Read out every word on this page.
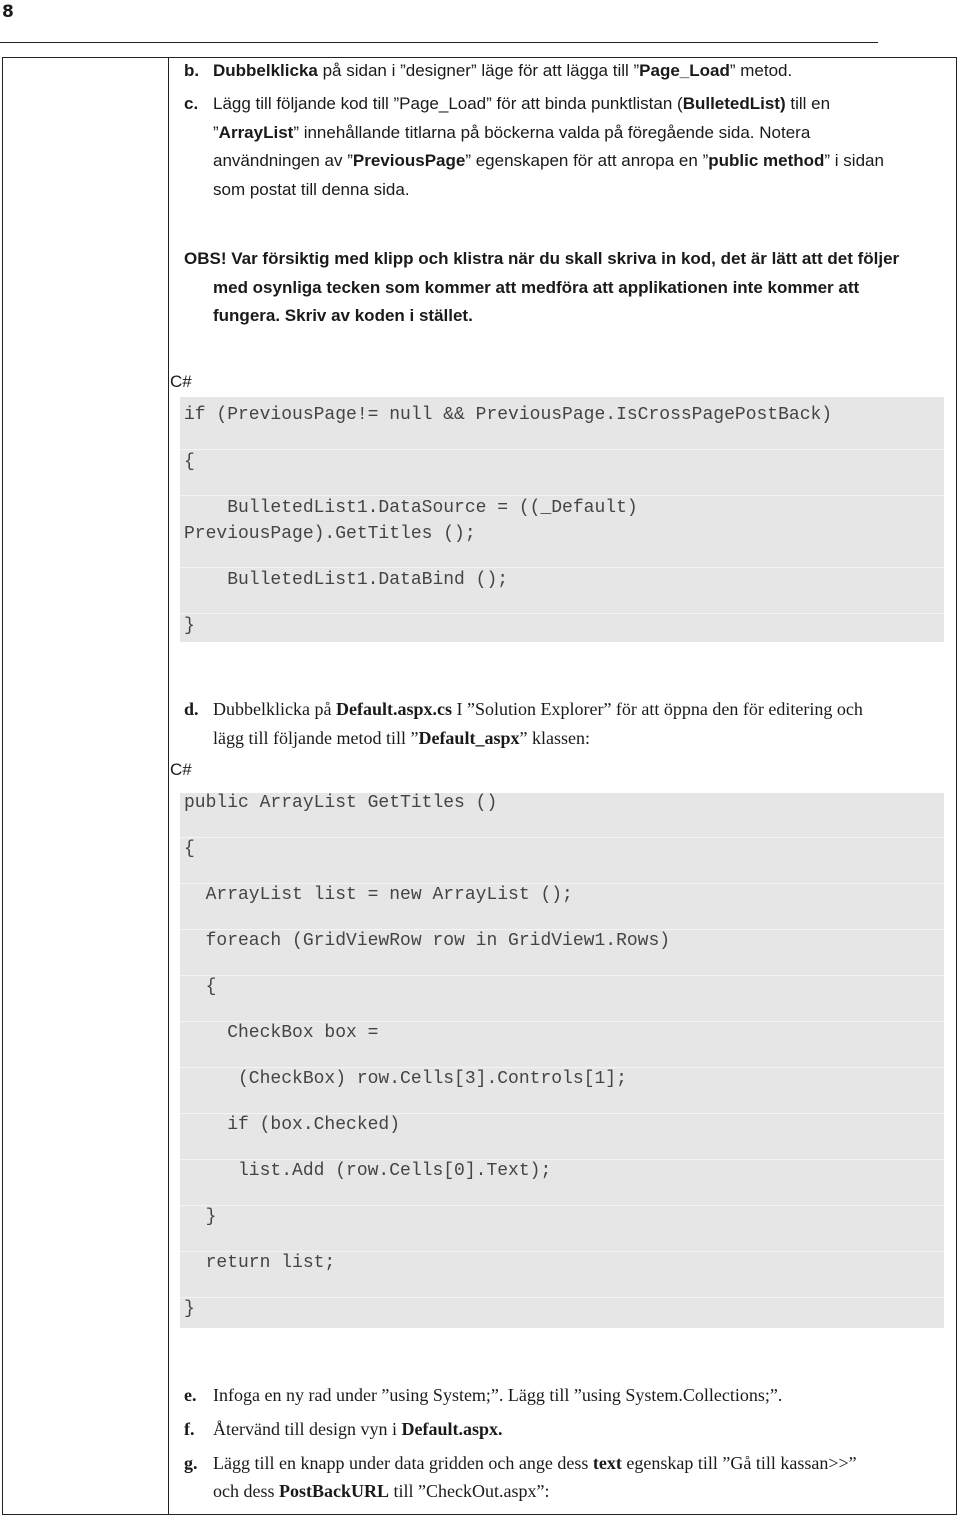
8
b. Dubbelklicka på sidan i ”designer” läge för att lägga till ”Page_Load” metod.
c. Lägg till följande kod till ”Page_Load” för att binda punktlistan (BulletedList) till en
”ArrayList” innehållande titlarna på böckerna valda på föregående sida. Notera
användningen av ”PreviousPage” egenskapen för att anropa en ”public method” i sidan
som postat till denna sida.
OBS! Var försiktig med klipp och klistra när du skall skriva in kod, det är lätt att det följer
med osynliga tecken som kommer att medföra att applikationen inte kommer att
fungera. Skriv av koden i stället.
C#
if (PreviousPage!= null && PreviousPage.IsCrossPagePostBack)
{
BulletedList1.DataSource = ((_Default)
PreviousPage).GetTitles ();
BulletedList1.DataBind ();
}
d. Dubbelklicka på Default.aspx.cs I ”Solution Explorer” för att öppna den för editering och
lägg till följande metod till ”Default_aspx” klassen:
C#
public ArrayList GetTitles ()
{
ArrayList list = new ArrayList ();
foreach (GridViewRow row in GridView1.Rows)
{
CheckBox box =
(CheckBox) row.Cells[3].Controls[1];
if (box.Checked)
list.Add (row.Cells[0].Text);
}
return list;
}
e. Infoga en ny rad under ”using System;”. Lägg till ”using System.Collections;”.
f. Återvänd till design vyn i Default.aspx.
g. Lägg till en knapp under data gridden och ange dess text egenskap till ”Gå till kassan>>”
och dess PostBackURL till ”CheckOut.aspx”:
